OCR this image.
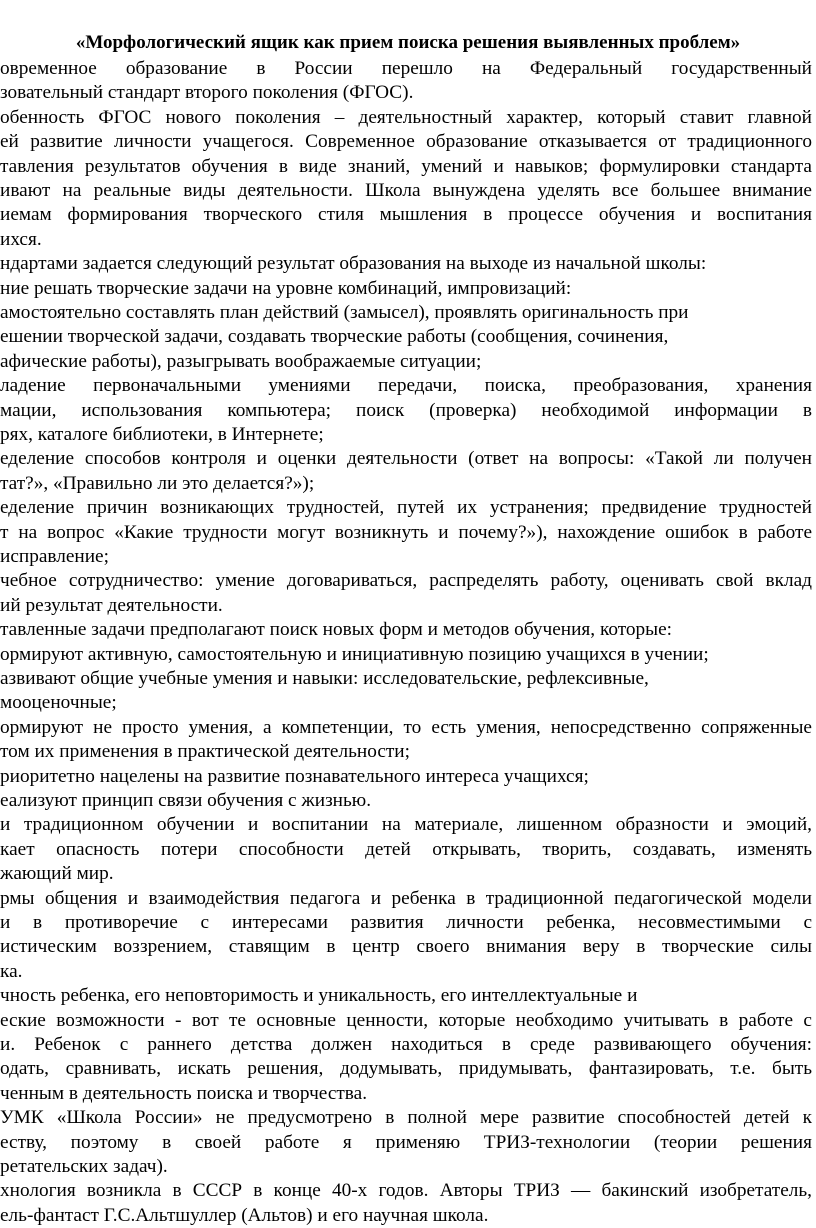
«Морфологический ящик как прием поиска решения выявленных проблем»
овременное образование в России перешло на Федеральный государственный
зовательный стандарт второго поколения (ФГОС).
обенность ФГОС нового поколения – деятельностный характер, который ставит главной
ей развитие личности учащегося. Современное образование отказывается от традиционного
тавления результатов обучения в виде знаний, умений и навыков; формулировки стандарта
ивают на реальные виды деятельности. Школа вынуждена уделять все большее внимание
иемам формирования творческого стиля мышления в процессе обучения и воспитания
ихся.
ндартами задается следующий результат образования на выходе из начальной школы:
ние решать творческие задачи на уровне комбинаций, импровизаций:
амостоятельно составлять план действий (замысел), проявлять оригинальность при
ешении творческой задачи, создавать творческие работы (сообщения, сочинения,
афические работы), разыгрывать воображаемые ситуации;
ладение первоначальными умениями передачи, поиска, преобразования, хранения
мации, использования компьютера; поиск (проверка) необходимой информации в
рях, каталоге библиотеки, в Интернете;
еделение способов контроля и оценки деятельности (ответ на вопросы: «Такой ли получен
тат?», «Правильно ли это делается?»);
еделение причин возникающих трудностей, путей их устранения; предвидение трудностей
т на вопрос «Какие трудности могут возникнуть и почему?»), нахождение ошибок в работе
исправление;
чебное сотрудничество: умение договариваться, распределять работу, оценивать свой вклад
ий результат деятельности.
тавленные задачи предполагают поиск новых форм и методов обучения, которые:
ормируют активную, самостоятельную и инициативную позицию учащихся в учении;
азвивают общие учебные умения и навыки: исследовательские, рефлексивные,
мооценочные;
ормируют не просто умения, а компетенции, то есть умения, непосредственно сопряженные
том их применения в практической деятельности;
риоритетно нацелены на развитие познавательного интереса учащихся;
еализуют принцип связи обучения с жизнью.
и традиционном обучении и воспитании на материале, лишенном образности и эмоций,
кает опасность потери способности детей открывать, творить, создавать, изменять
жающий мир.
рмы общения и взаимодействия педагога и ребенка в традиционной педагогической модели
и в противоречие с интересами развития личности ребенка, несовместимыми с
истическим воззрением, ставящим в центр своего внимания веру в творческие силы
ка.
чность ребенка, его неповторимость и уникальность, его интеллектуальные и
еские возможности - вот те основные ценности, которые необходимо учитывать в работе с
и. Ребенок с раннего детства должен находиться в среде развивающего обучения:
одать, сравнивать, искать решения, додумывать, придумывать, фантазировать, т.е. быть
ченным в деятельность поиска и творчества.
УМК «Школа России» не предусмотрено в полной мере развитие способностей детей к
еству, поэтому в своей работе я применяю ТРИЗ-технологии (теории решения
ретательских задач).
хнология возникла в СССР в конце 40-х годов. Авторы ТРИЗ — бакинский изобретатель,
ель-фантаст Г.С.Альтшуллер (Альтов) и его научная школа.
